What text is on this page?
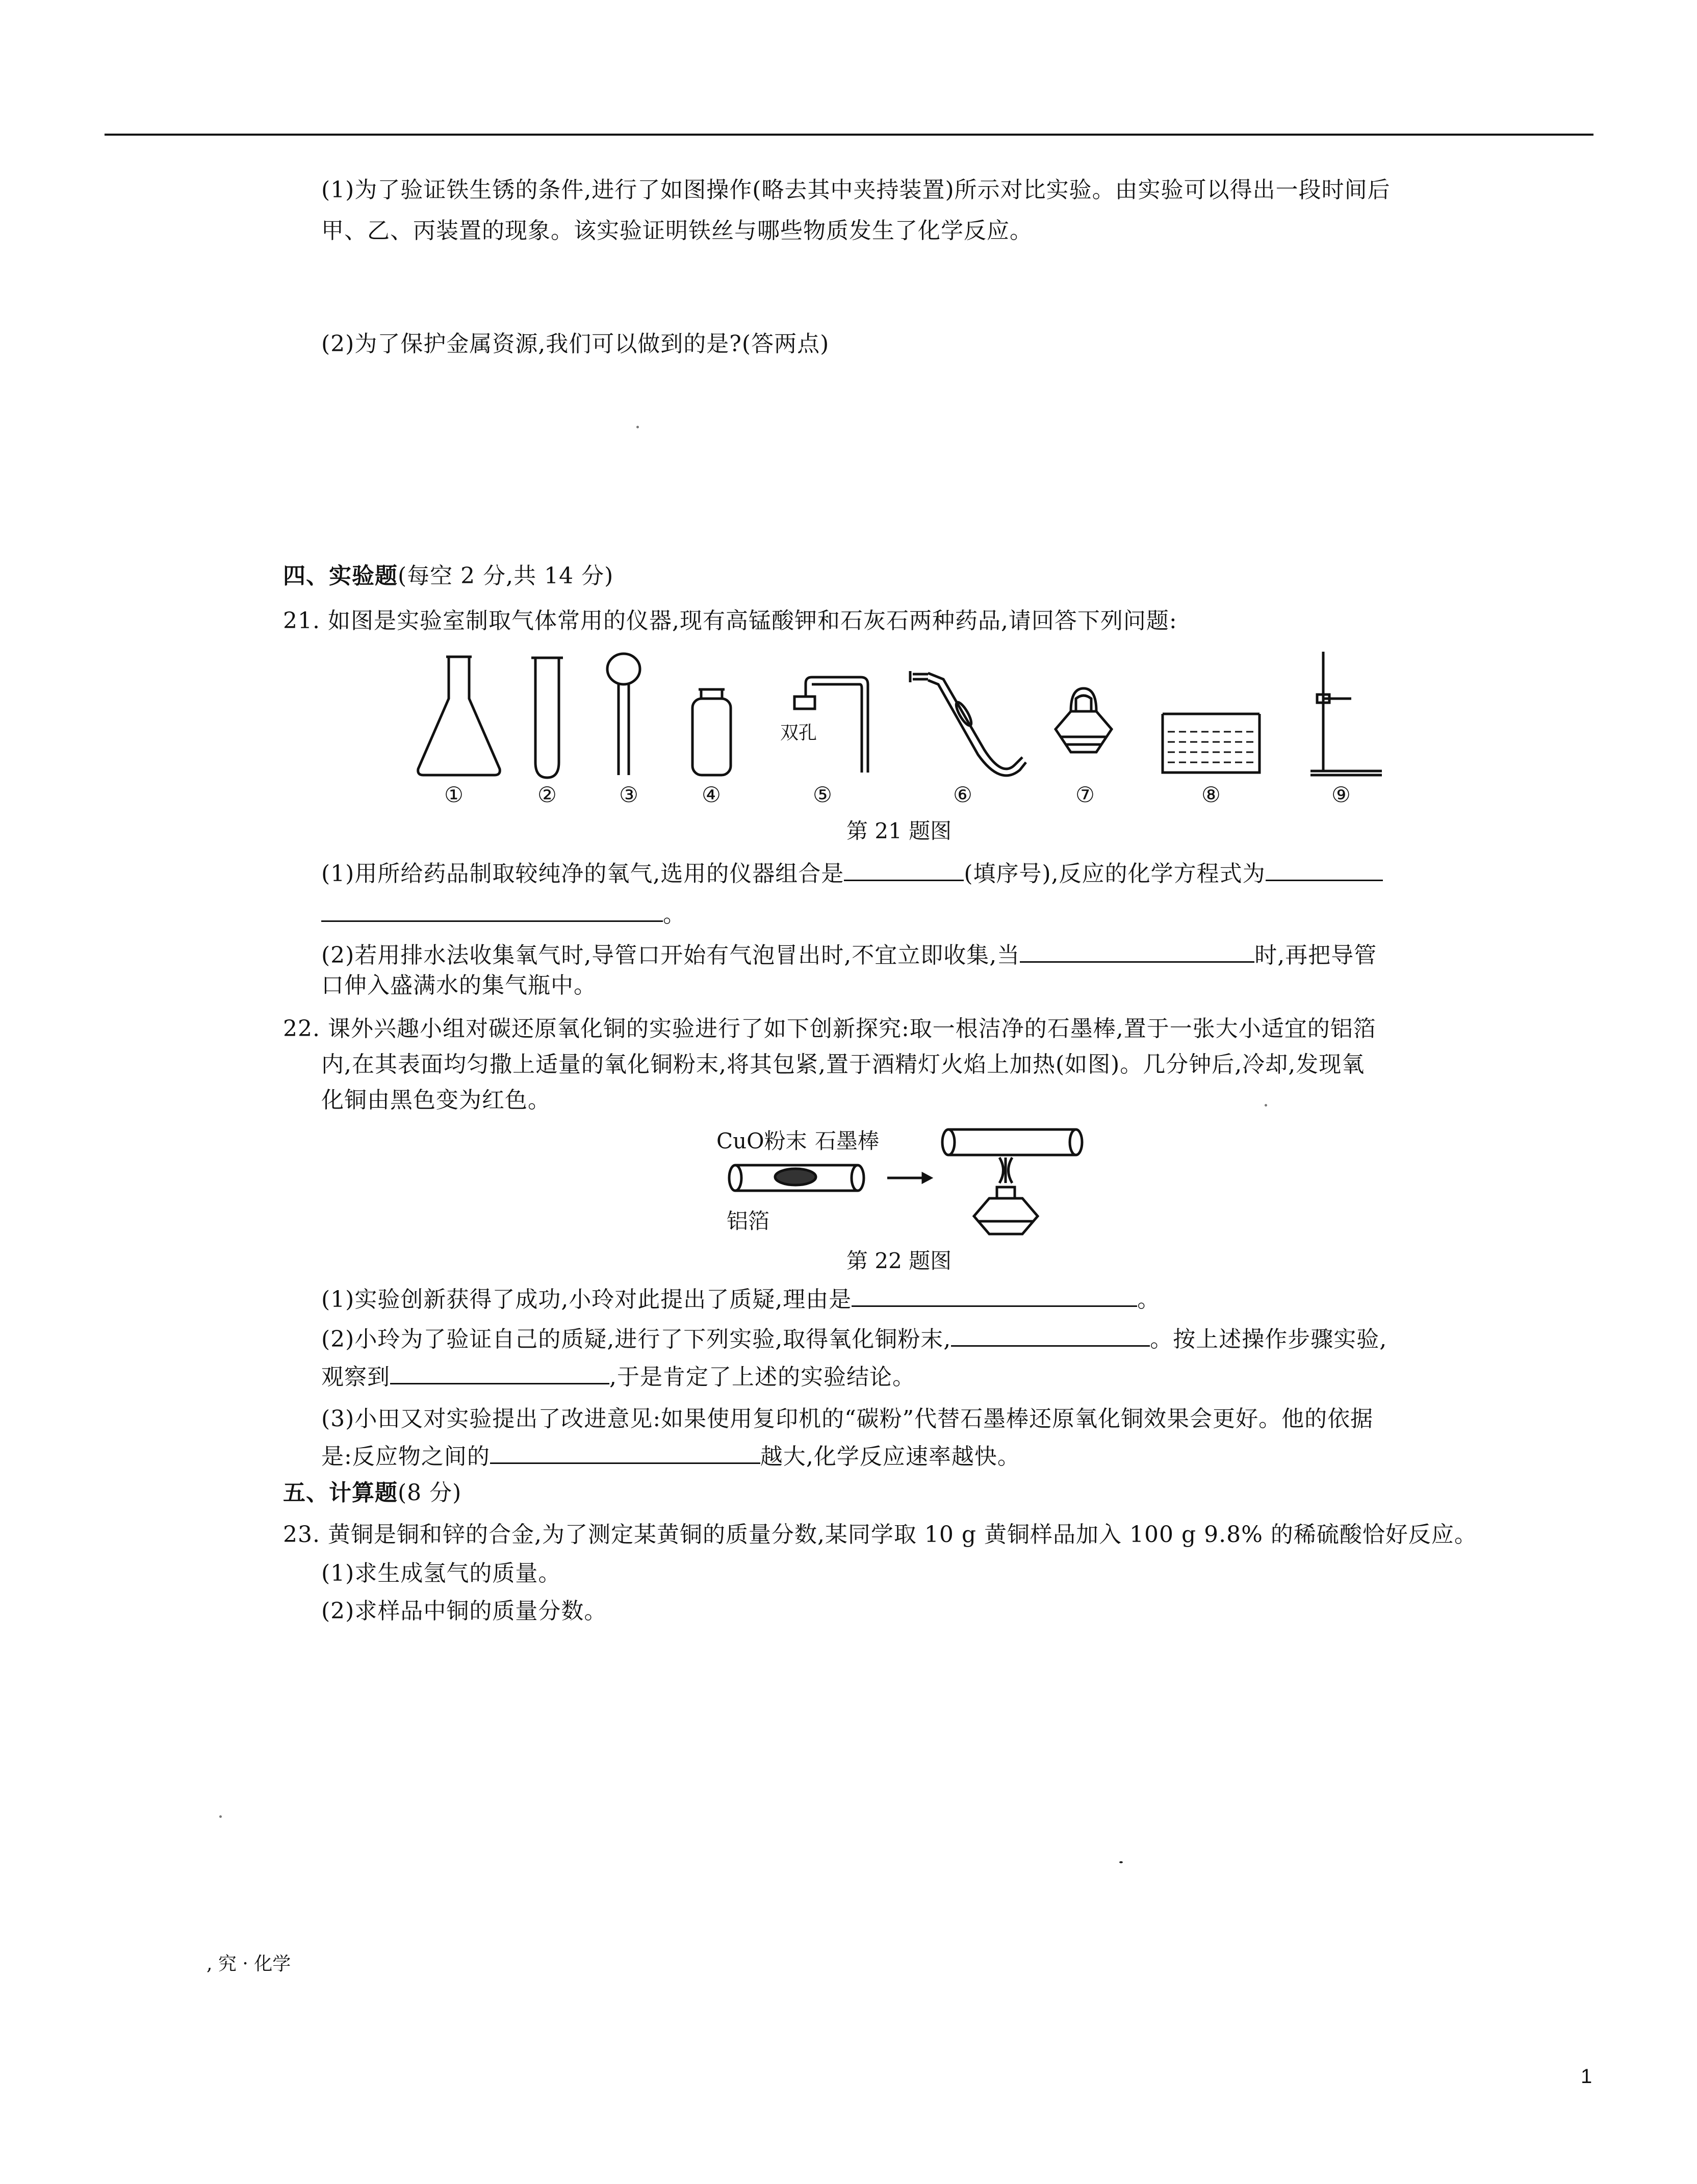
(1)为了验证铁生锈的条件,进行了如图操作(略去其中夹持装置)所示对比实验。由实验可以得出一段时间后
甲、乙、丙装置的现象。该实验证明铁丝与哪些物质发生了化学反应。
(2)为了保护金属资源,我们可以做到的是?(答两点)
四、实验题(每空 2 分,共 14 分)
21. 如图是实验室制取气体常用的仪器,现有高锰酸钾和石灰石两种药品,请回答下列问题:
①	②	③	④	⑤	⑥	⑦	⑧	⑨
双孔
第 21 题图
(1)用所给药品制取较纯净的氧气,选用的仪器组合是	(填序号),反应的化学方程式为
。
(2)若用排水法收集氧气时,导管口开始有气泡冒出时,不宜立即收集,当	时,再把导管
口伸入盛满水的集气瓶中。
22. 课外兴趣小组对碳还原氧化铜的实验进行了如下创新探究:取一根洁净的石墨棒,置于一张大小适宜的铝箔
内,在其表面均匀撒上适量的氧化铜粉末,将其包紧,置于酒精灯火焰上加热(如图)。几分钟后,冷却,发现氧
化铜由黑色变为红色。
CuO粉末 石墨棒
铝箔
第 22 题图
(1)实验创新获得了成功,小玲对此提出了质疑,理由是	。
(2)小玲为了验证自己的质疑,进行了下列实验,取得氧化铜粉末,	。按上述操作步骤实验,
观察到	,于是肯定了上述的实验结论。
(3)小田又对实验提出了改进意见:如果使用复印机的“碳粉”代替石墨棒还原氧化铜效果会更好。他的依据
是:反应物之间的	越大,化学反应速率越快。
五、计算题(8 分)
23. 黄铜是铜和锌的合金,为了测定某黄铜的质量分数,某同学取 10 g 黄铜样品加入 100 g 9.8% 的稀硫酸恰好反应。
(1)求生成氢气的质量。
(2)求样品中铜的质量分数。
, 究 · 化学
1
